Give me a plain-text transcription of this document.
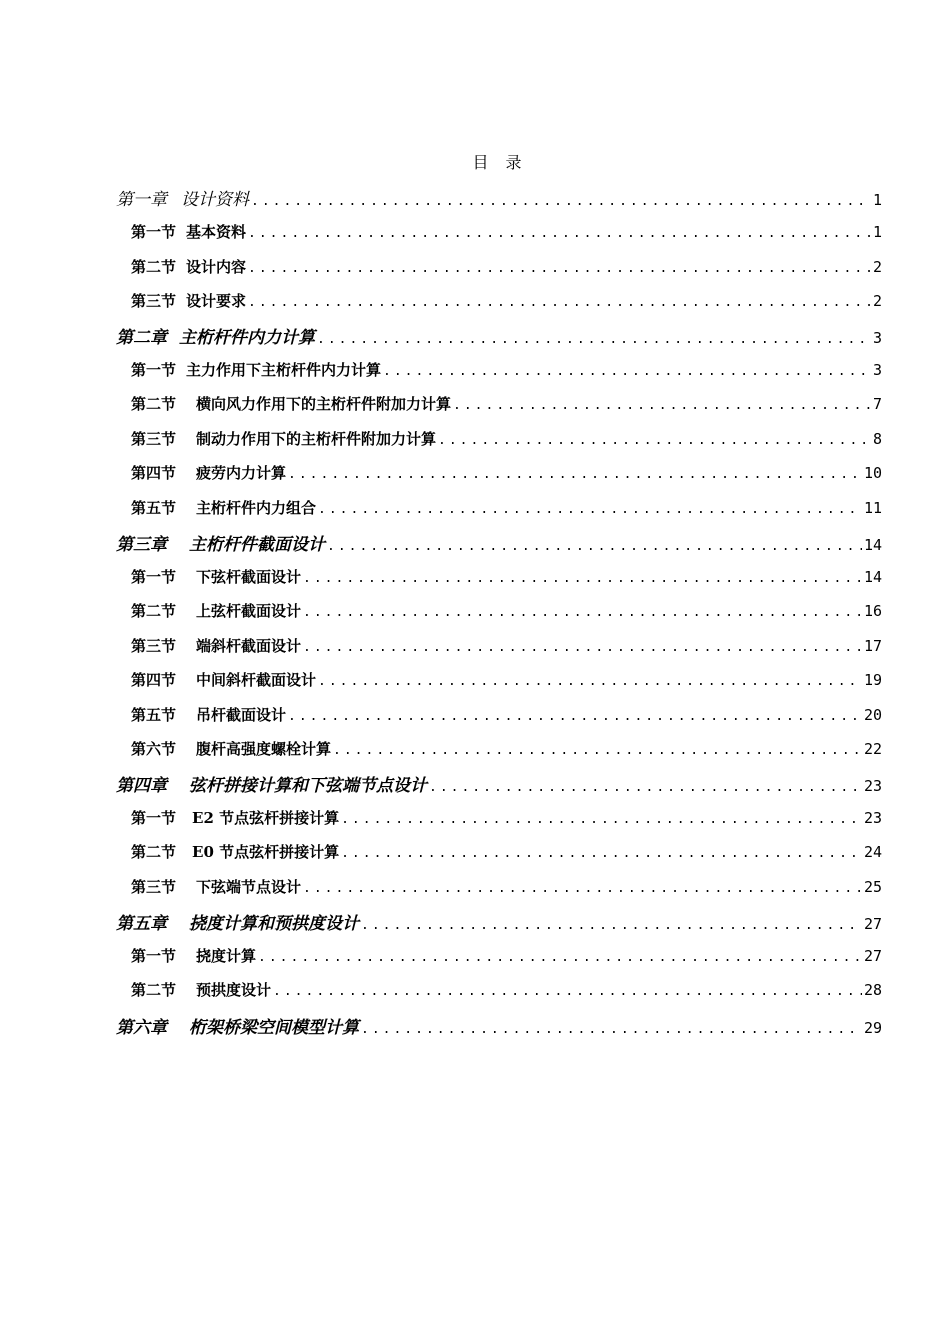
目 录
第一章 设计资料 .....	1
第一节 基本资料 .....	1
第二节 设计内容 .....	2
第三节 设计要求 .....	2
第二章 主桁杆件内力计算 .....	3
第一节 主力作用下主桁杆件内力计算 .....	3
第二节 横向风力作用下的主桁杆件附加力计算 .....	7
第三节 制动力作用下的主桁杆件附加力计算 .....	8
第四节 疲劳内力计算 .....	10
第五节 主桁杆件内力组合 .....	11
第三章 主桁杆件截面设计 .....	14
第一节 下弦杆截面设计 .....	14
第二节 上弦杆截面设计 .....	16
第三节 端斜杆截面设计 .....	17
第四节 中间斜杆截面设计 .....	19
第五节 吊杆截面设计 .....	20
第六节 腹杆高强度螺栓计算 .....	22
第四章 弦杆拼接计算和下弦端节点设计 .....	23
第一节 E2 节点弦杆拼接计算 .....	23
第二节 E0 节点弦杆拼接计算 .....	24
第三节 下弦端节点设计 .....	25
第五章 挠度计算和预拱度设计 .....	27
第一节 挠度计算 .....	27
第二节 预拱度设计 .....	28
第六章 桁架桥梁空间模型计算 .....	29
